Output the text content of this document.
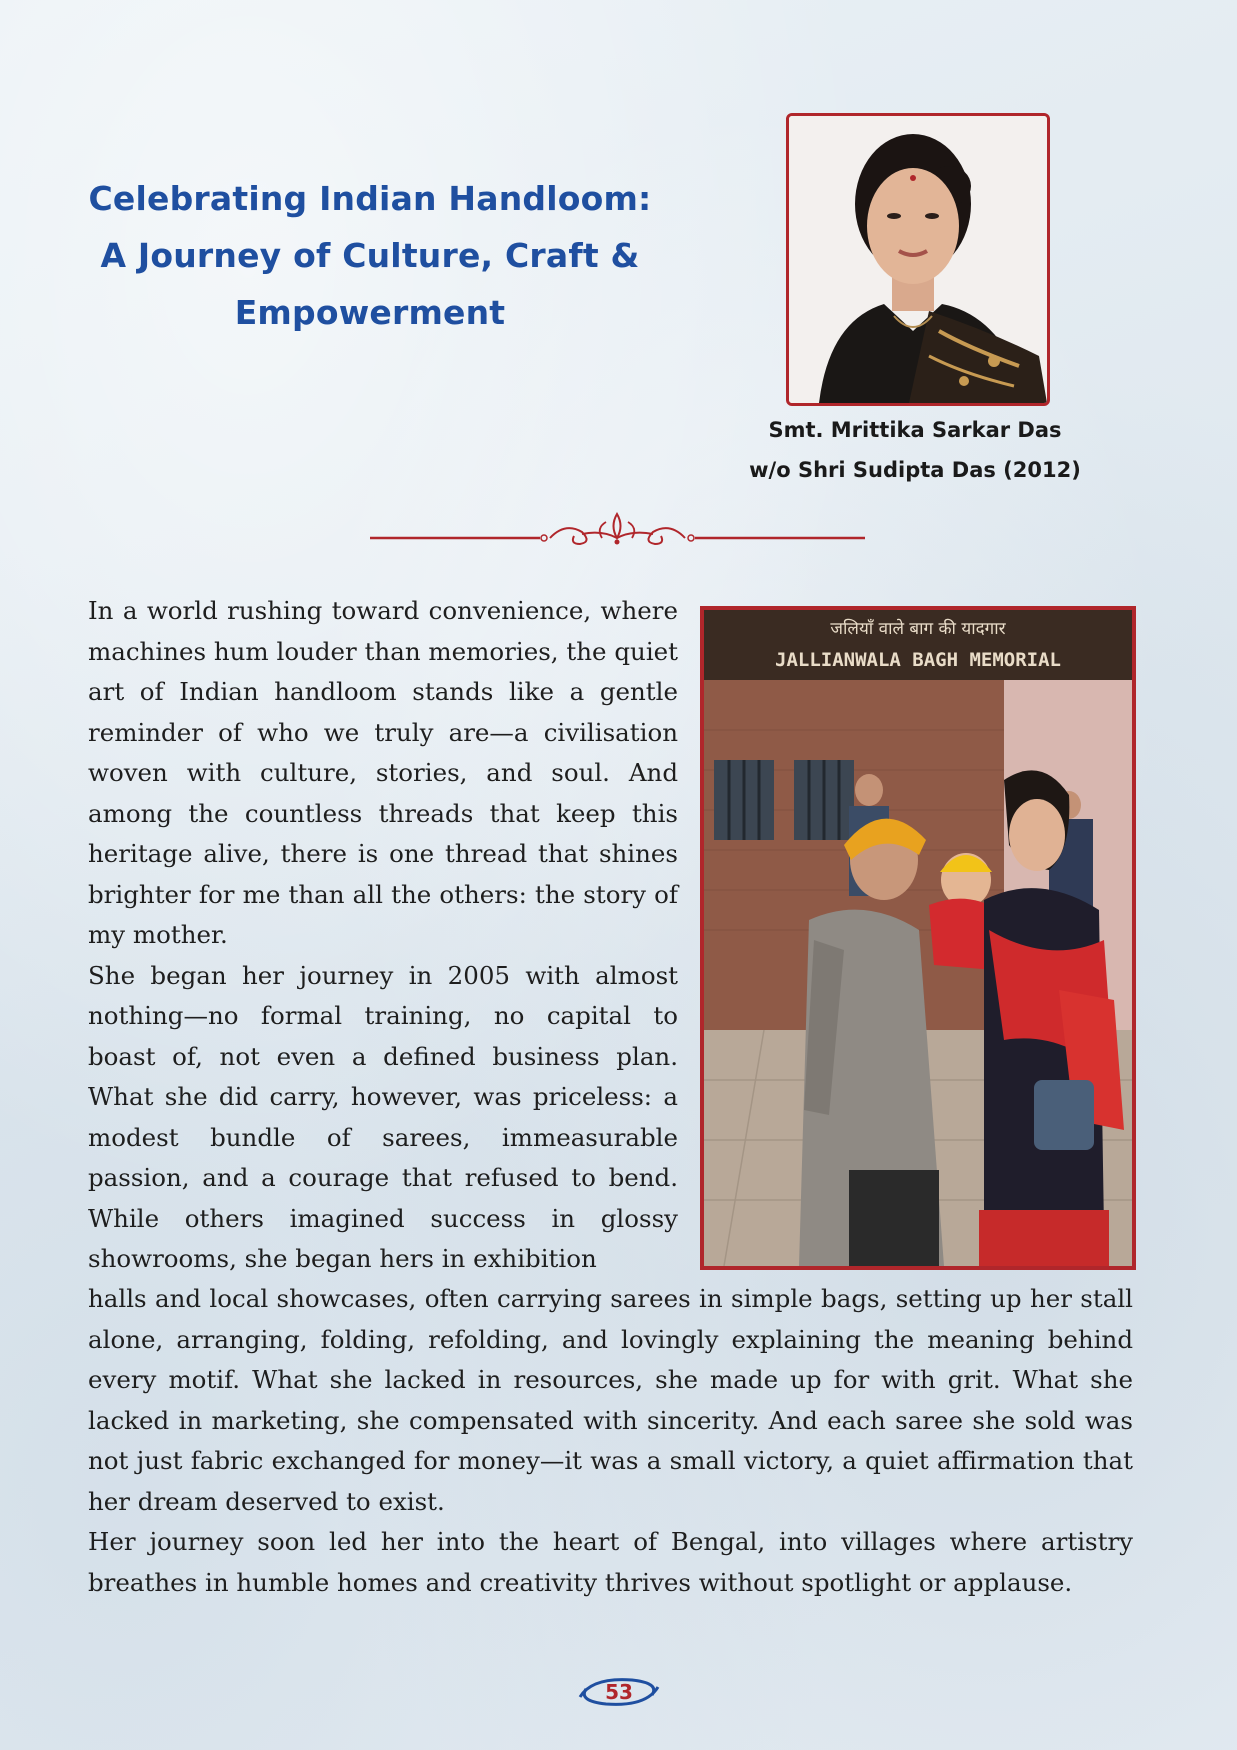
Celebrating Indian Handloom:
A Journey of Culture, Craft &
Empowerment
Smt. Mrittika Sarkar Das
w/o Shri Sudipta Das (2012)

In a world rushing toward convenience, where machines hum louder than memories, the quiet art of Indian handloom stands like a gentle reminder of who we truly are—a civilisation woven with culture, stories, and soul. And among the countless threads that keep this heritage alive, there is one thread that shines brighter for me than all the others: the story of my mother.

She began her journey in 2005 with almost nothing—no formal training, no capital to boast of, not even a defined business plan. What she did carry, however, was priceless: a modest bundle of sarees, immeasurable passion, and a courage that refused to bend. While others imagined success in glossy showrooms, she began hers in exhibition

जलियाँ वाले बाग की यादगार
JALLIANWALA BAGH MEMORIAL

halls and local showcases, often carrying sarees in simple bags, setting up her stall alone, arranging, folding, refolding, and lovingly explaining the meaning behind every motif. What she lacked in resources, she made up for with grit. What she lacked in marketing, she compensated with sincerity. And each saree she sold was not just fabric exchanged for money—it was a small victory, a quiet affirmation that her dream deserved to exist.

Her journey soon led her into the heart of Bengal, into villages where artistry breathes in humble homes and creativity thrives without spotlight or applause.

53
